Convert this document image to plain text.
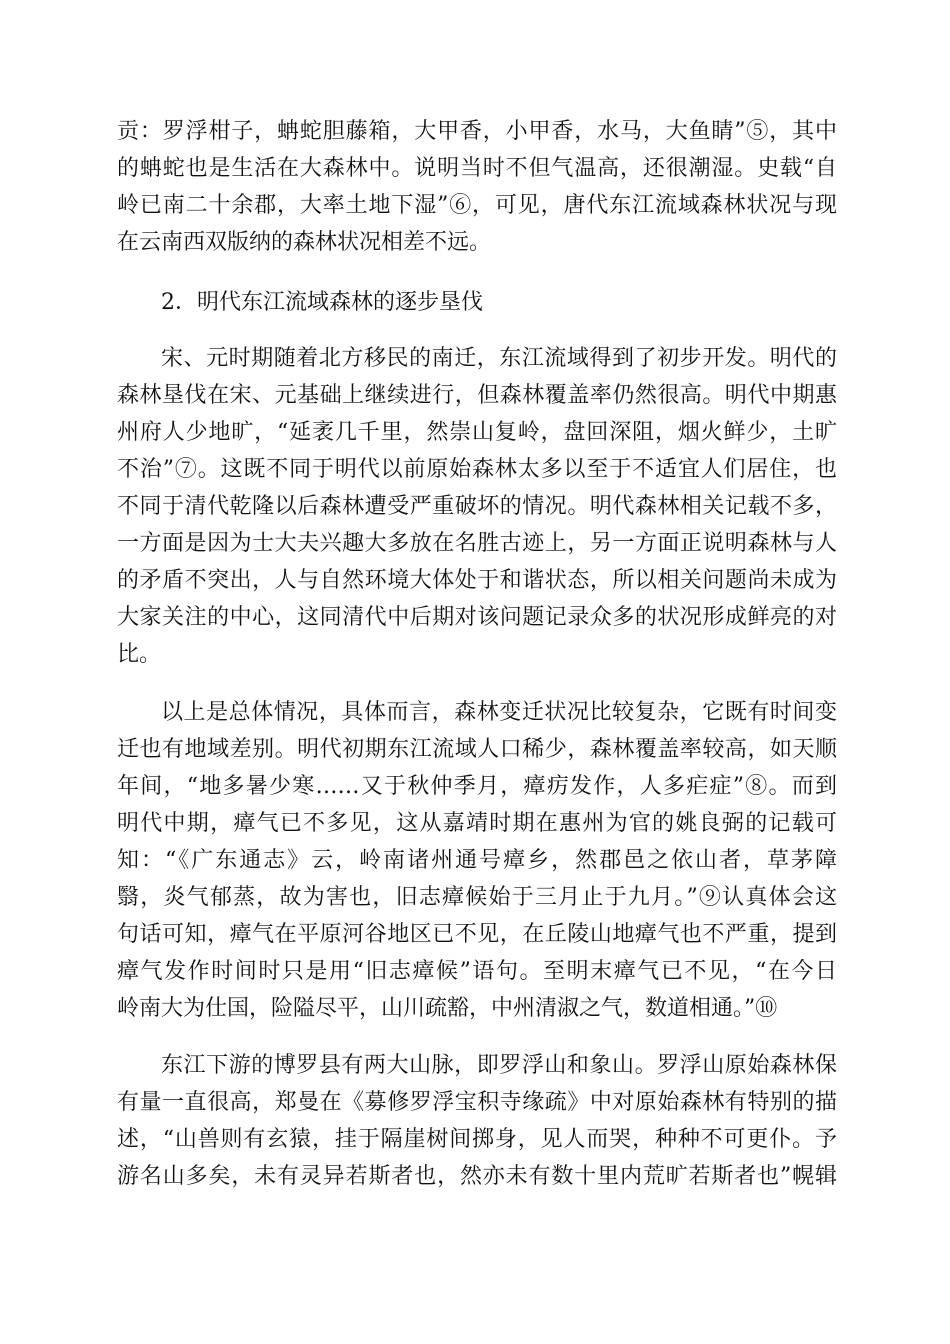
贡：罗浮柑子，蚺蛇胆藤箱，大甲香，小甲香，水马，大鱼睛”⑤，其中
的蚺蛇也是生活在大森林中。说明当时不但气温高，还很潮湿。史载“自
岭已南二十余郡，大率土地下湿”⑥，可见，唐代东江流域森林状况与现
在云南西双版纳的森林状况相差不远。
2．明代东江流域森林的逐步垦伐
宋、元时期随着北方移民的南迁，东江流域得到了初步开发。明代的
森林垦伐在宋、元基础上继续进行，但森林覆盖率仍然很高。明代中期惠
州府人少地旷，“延袤几千里，然崇山复岭，盘回深阻，烟火鲜少，土旷
不治”⑦。这既不同于明代以前原始森林太多以至于不适宜人们居住，也
不同于清代乾隆以后森林遭受严重破坏的情况。明代森林相关记载不多，
一方面是因为士大夫兴趣大多放在名胜古迹上，另一方面正说明森林与人
的矛盾不突出，人与自然环境大体处于和谐状态，所以相关问题尚未成为
大家关注的中心，这同清代中后期对该问题记录众多的状况形成鲜亮的对
比。
以上是总体情况，具体而言，森林变迁状况比较复杂，它既有时间变
迁也有地域差别。明代初期东江流域人口稀少，森林覆盖率较高，如天顺
年间，“地多暑少寒……又于秋仲季月，瘴疠发作，人多疟症”⑧。而到
明代中期，瘴气已不多见，这从嘉靖时期在惠州为官的姚良弼的记载可
知：“《广东通志》云，岭南诸州通号瘴乡，然郡邑之依山者，草茅障
翳，炎气郁蒸，故为害也，旧志瘴候始于三月止于九月。”⑨认真体会这
句话可知，瘴气在平原河谷地区已不见，在丘陵山地瘴气也不严重，提到
瘴气发作时间时只是用“旧志瘴候”语句。至明末瘴气已不见，“在今日
岭南大为仕国，险隘尽平，山川疏豁，中州清淑之气，数道相通。”⑩
东江下游的博罗县有两大山脉，即罗浮山和象山。罗浮山原始森林保
有量一直很高，郑曼在《募修罗浮宝积寺缘疏》中对原始森林有特别的描
述，“山兽则有玄猿，挂于隔崖树间掷身，见人而哭，种种不可更仆。予
游名山多矣，未有灵异若斯者也，然亦未有数十里内荒旷若斯者也”幌辑
